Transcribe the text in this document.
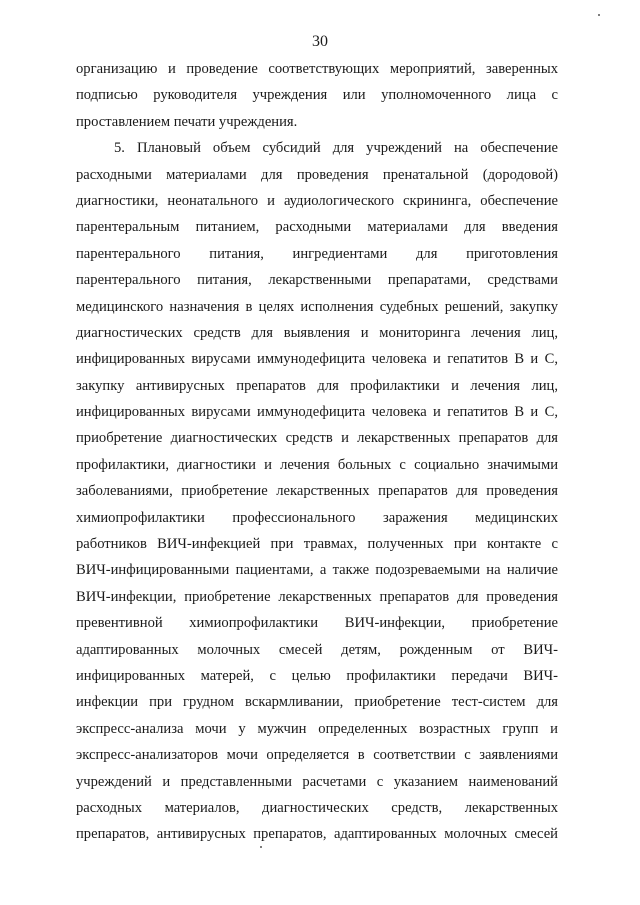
30
организацию и проведение соответствующих мероприятий, заверенных
подписью руководителя учреждения или уполномоченного лица с
проставлением печати учреждения.
5. Плановый объем субсидий для учреждений на обеспечение
расходными материалами для проведения пренатальной (дородовой)
диагностики, неонатального и аудиологического скрининга, обеспечение
парентеральным питанием, расходными материалами для введения
парентерального питания, ингредиентами для приготовления
парентерального питания, лекарственными препаратами, средствами
медицинского назначения в целях исполнения судебных решений, закупку
диагностических средств для выявления и мониторинга лечения лиц,
инфицированных вирусами иммунодефицита человека и гепатитов В и С,
закупку антивирусных препаратов для профилактики и лечения лиц,
инфицированных вирусами иммунодефицита человека и гепатитов В и С,
приобретение диагностических средств и лекарственных препаратов для
профилактики, диагностики и лечения больных с социально значимыми
заболеваниями, приобретение лекарственных препаратов для проведения
химиопрофилактики профессионального заражения медицинских
работников ВИЧ-инфекцией при травмах, полученных при контакте с
ВИЧ-инфицированными пациентами, а также подозреваемыми на наличие
ВИЧ-инфекции, приобретение лекарственных препаратов для проведения
превентивной химиопрофилактики ВИЧ-инфекции, приобретение
адаптированных молочных смесей детям, рожденным от ВИЧ-
инфицированных матерей, с целью профилактики передачи ВИЧ-
инфекции при грудном вскармливании, приобретение тест-систем для
экспресс-анализа мочи у мужчин определенных возрастных групп и
экспресс-анализаторов мочи определяется в соответствии с заявлениями
учреждений и представленными расчетами с указанием наименований
расходных материалов, диагностических средств, лекарственных
препаратов, антивирусных препаратов, адаптированных молочных смесей
